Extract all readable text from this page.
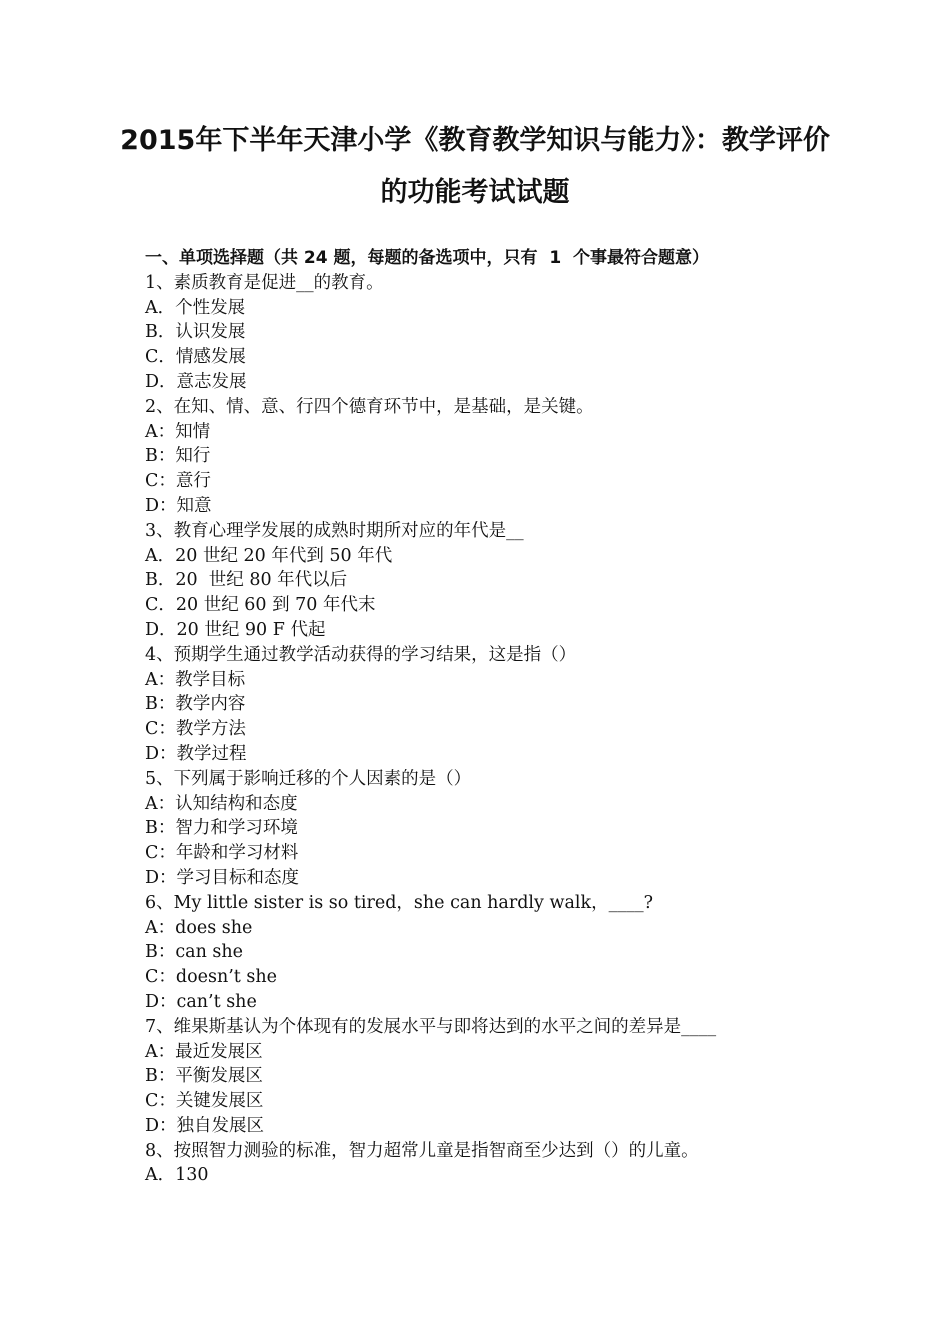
2015年下半年天津小学《教育教学知识与能力》：教学评价
的功能考试试题
一、单项选择题（共 24 题，每题的备选项中，只有  1  个事最符合题意）
1、素质教育是促进__的教育。
A．个性发展
B．认识发展
C．情感发展
D．意志发展
2、在知、情、意、行四个德育环节中，是基础，是关键。
A：知情
B：知行
C：意行
D：知意
3、教育心理学发展的成熟时期所对应的年代是__
A．20 世纪 20 年代到 50 年代
B．20  世纪 80 年代以后
C．20 世纪 60 到 70 年代末
D．20 世纪 90 F 代起
4、预期学生通过教学活动获得的学习结果，这是指（）
A：教学目标
B：教学内容
C：教学方法
D：教学过程
5、下列属于影响迁移的个人因素的是（）
A：认知结构和态度
B：智力和学习环境
C：年龄和学习材料
D：学习目标和态度
6、My little sister is so tired，she can hardly walk，____?
A：does she
B：can she
C：doesn’t she
D：can’t she
7、维果斯基认为个体现有的发展水平与即将达到的水平之间的差异是____
A：最近发展区
B：平衡发展区
C：关键发展区
D：独自发展区
8、按照智力测验的标准，智力超常儿童是指智商至少达到（）的儿童。
A．130
